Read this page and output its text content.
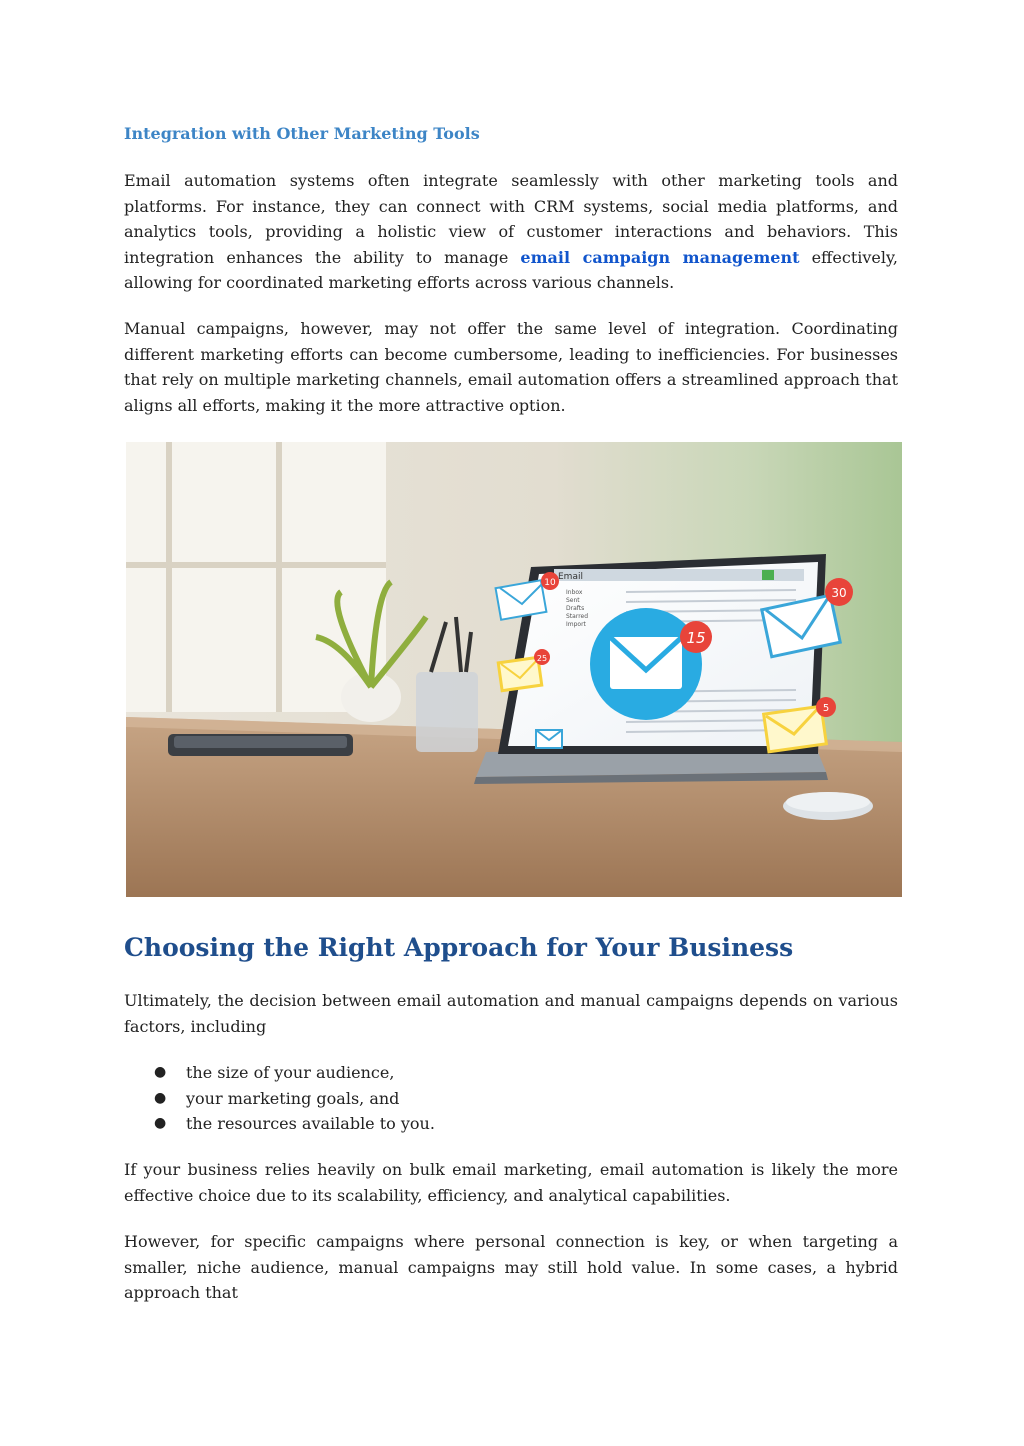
Integration with Other Marketing Tools

Email automation systems often integrate seamlessly with other marketing tools and platforms. For instance, they can connect with CRM systems, social media platforms, and analytics tools, providing a holistic view of customer interactions and behaviors. This integration enhances the ability to manage email campaign management effectively, allowing for coordinated marketing efforts across various channels.

Manual campaigns, however, may not offer the same level of integration. Coordinating different marketing efforts can become cumbersome, leading to inefficiencies. For businesses that rely on multiple marketing channels, email automation offers a streamlined approach that aligns all efforts, making it the more attractive option.

Email
Inbox
Sent
Drafts
Starred
Import
15
10
30
25
5
Choosing the Right Approach for Your Business

Ultimately, the decision between email automation and manual campaigns depends on various factors, including

● the size of your audience,
● your marketing goals, and
● the resources available to you.

If your business relies heavily on bulk email marketing, email automation is likely the more effective choice due to its scalability, efficiency, and analytical capabilities.

However, for specific campaigns where personal connection is key, or when targeting a smaller, niche audience, manual campaigns may still hold value. In some cases, a hybrid approach that
